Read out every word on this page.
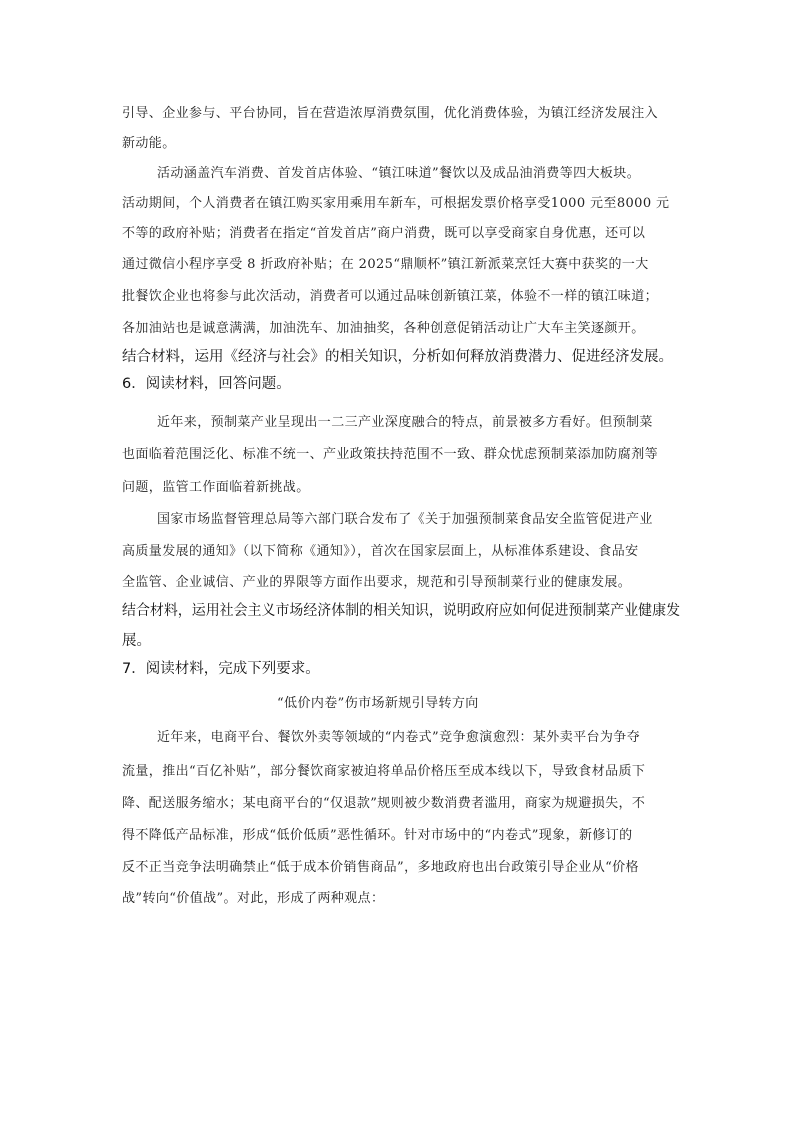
引导、企业参与、平台协同，旨在营造浓厚消费氛围，优化消费体验，为镇江经济发展注入
新动能。
活动涵盖汽车消费、首发首店体验、“镇江味道”餐饮以及成品油消费等四大板块。
活动期间，个人消费者在镇江购买家用乘用车新车，可根据发票价格享受1000 元至8000 元
不等的政府补贴；消费者在指定“首发首店”商户消费，既可以享受商家自身优惠，还可以
通过微信小程序享受 8 折政府补贴；在 2025“鼎顺杯”镇江新派菜烹饪大赛中获奖的一大
批餐饮企业也将参与此次活动，消费者可以通过品味创新镇江菜，体验不一样的镇江味道；
各加油站也是诚意满满，加油洗车、加油抽奖，各种创意促销活动让广大车主笑逐颜开。
结合材料，运用《经济与社会》的相关知识，分析如何释放消费潜力、促进经济发展。
6．阅读材料，回答问题。
近年来，预制菜产业呈现出一二三产业深度融合的特点，前景被多方看好。但预制菜
也面临着范围泛化、标准不统一、产业政策扶持范围不一致、群众忧虑预制菜添加防腐剂等
问题，监管工作面临着新挑战。
国家市场监督管理总局等六部门联合发布了《关于加强预制菜食品安全监管促进产业
高质量发展的通知》（以下简称《通知》），首次在国家层面上，从标准体系建设、食品安
全监管、企业诚信、产业的界限等方面作出要求，规范和引导预制菜行业的健康发展。
结合材料，运用社会主义市场经济体制的相关知识，说明政府应如何促进预制菜产业健康发
展。
7．阅读材料，完成下列要求。
“低价内卷”伤市场新规引导转方向
近年来，电商平台、餐饮外卖等领域的“内卷式”竞争愈演愈烈：某外卖平台为争夺
流量，推出“百亿补贴”，部分餐饮商家被迫将单品价格压至成本线以下，导致食材品质下
降、配送服务缩水；某电商平台的“仅退款”规则被少数消费者滥用，商家为规避损失，不
得不降低产品标准，形成“低价低质”恶性循环。针对市场中的“内卷式”现象，新修订的
反不正当竞争法明确禁止“低于成本价销售商品”，多地政府也出台政策引导企业从“价格
战”转向“价值战”。对此，形成了两种观点：
